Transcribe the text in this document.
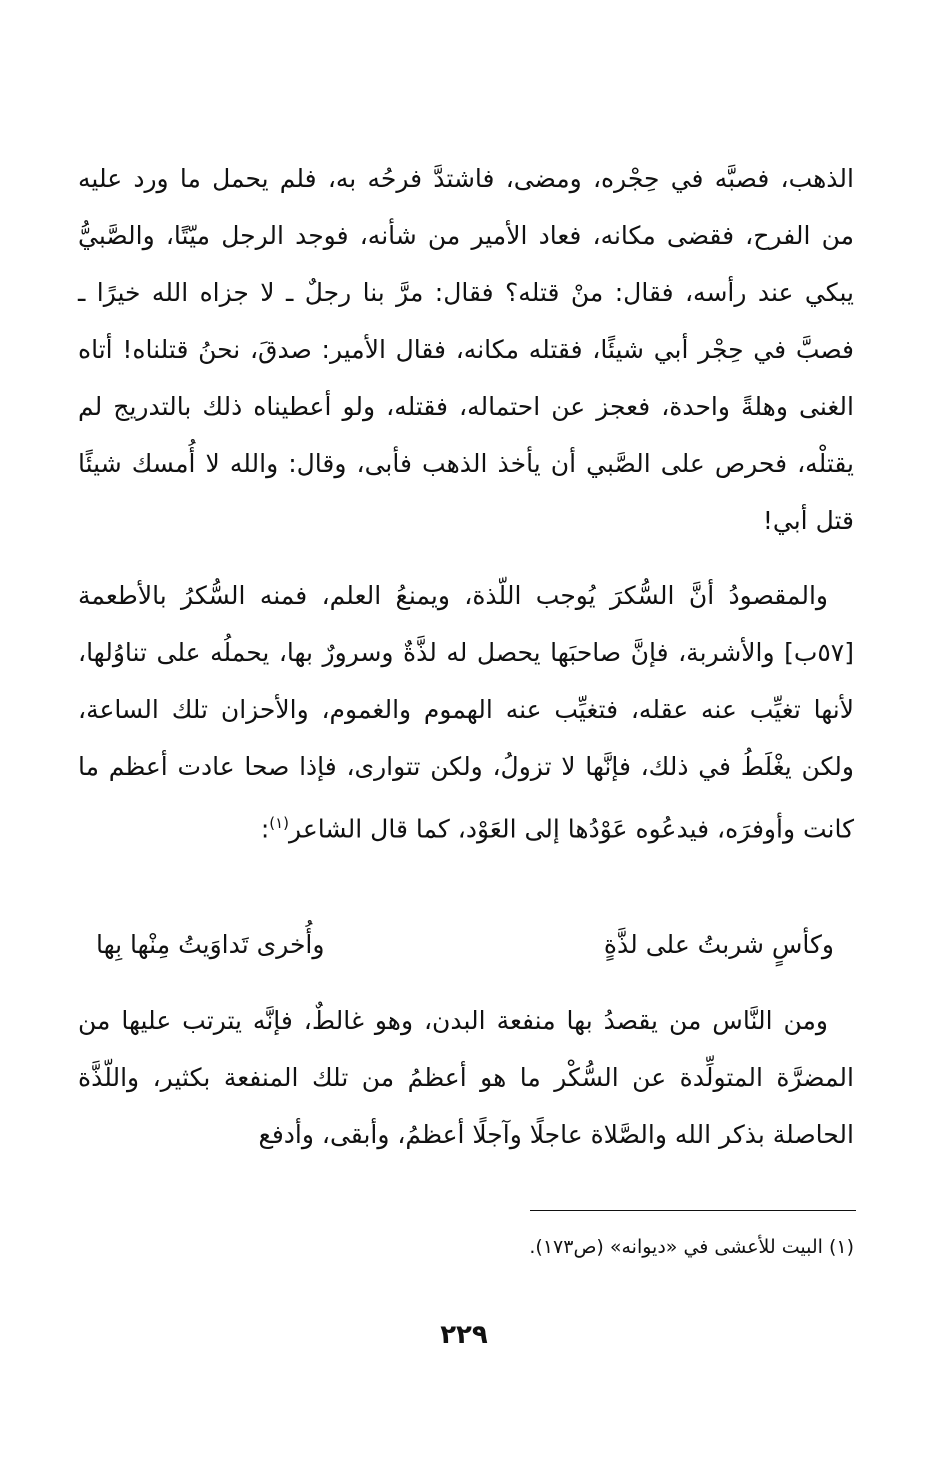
الذهب، فصبَّه في حِجْره، ومضى، فاشتدَّ فرحُه به، فلم يحمل ما ورد عليه من الفرح، فقضى مكانه، فعاد الأمير من شأنه، فوجد الرجل ميّتًا، والصَّبيُّ يبكي عند رأسه، فقال: منْ قتله؟ فقال: مرَّ بنا رجلٌ ـ لا جزاه الله خيرًا ـ فصبَّ في حِجْر أبي شيئًا، فقتله مكانه، فقال الأمير: صدقَ، نحنُ قتلناه! أتاه الغنى وهلةً واحدة، فعجز عن احتماله، فقتله، ولو أعطيناه ذلك بالتدريج لم يقتلْه، فحرص على الصَّبي أن يأخذ الذهب فأبى، وقال: والله لا أُمسك شيئًا قتل أبي!

والمقصودُ أنَّ السُّكرَ يُوجب اللّذة، ويمنعُ العلم، فمنه السُّكرُ بالأطعمة [٥٧ب] والأشربة، فإنَّ صاحبَها يحصل له لذَّةٌ وسرورٌ بها، يحملُه على تناوُلها، لأنها تغيِّب عنه عقله، فتغيِّب عنه الهموم والغموم، والأحزان تلك الساعة، ولكن يغْلَطُ في ذلك، فإنَّها لا تزولُ، ولكن تتوارى، فإذا صحا عادت أعظم ما كانت وأوفرَه، فيدعُوه عَوْدُها إلى العَوْد، كما قال الشاعر$^{(١)}$:

وكأسٍ شربتُ على لذَّةٍ
وأُخرى تَداوَيتُ مِنْها بِها

ومن النَّاس من يقصدُ بها منفعة البدن، وهو غالطٌ، فإنَّه يترتب عليها من المضرَّة المتولِّدة عن السُّكْر ما هو أعظمُ من تلك المنفعة بكثير، واللّذَّة الحاصلة بذكر الله والصَّلاة عاجلًا وآجلًا أعظمُ، وأبقى، وأدفع

(١) البيت للأعشى في «ديوانه» (ص١٧٣).
٢٢٩
